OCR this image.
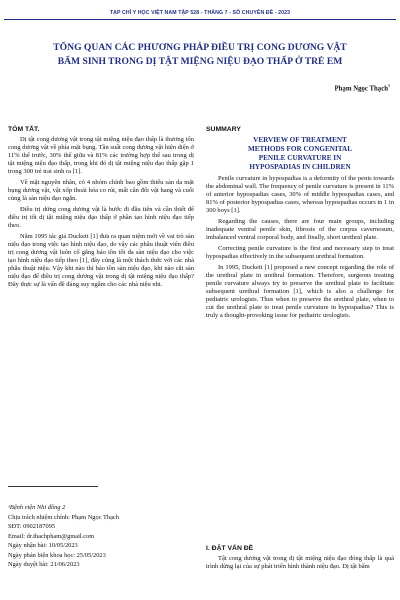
TẠP CHÍ Y HỌC VIỆT NAM TẬP 528 - THÁNG 7 - SỐ CHUYÊN ĐỀ - 2023
TỔNG QUAN CÁC PHƯƠNG PHÁP ĐIỀU TRỊ CONG DƯƠNG VẬT
BẨM SINH TRONG DỊ TẬT MIỆNG NIỆU ĐẠO THẤP Ở TRẺ EM
Phạm Ngọc Thạch$^1$
TÓM TẮT.

Dị tật cong dương vật trong tật miệng niệu đạo thấp là thương tổn cong dương vật về phía mặt bụng. Tần suất cong dương vật hiện diện ở 11% thể trước, 30% thể giữa và 81% các trường hợp thể sau trong dị tật miệng niệu đạo thấp, trong khi đó dị tật miệng niệu đạo thấp gặp 1 trong 300 trẻ trai sinh ra [1].

Về mặt nguyên nhân, có 4 nhóm chính bao gồm thiếu sản da mặt bụng dương vật, vật xốp thoái hóa co rút, mất cân đối vật hang và cuối cùng là sàn niệu đạo ngắn.

Điều trị dứng cong dương vật là bước đi đầu tiên và cần thiết để điều trị tốt dị tật miệng niệu đạo thấp ở phần tạo hình niệu đạo tiếp theo.

Năm 1995 tác giả Duckett [1] đưa ra quan niệm mới về vai trò sàn niệu đạo trong việc tạo hình niệu đạo, do vậy các phẫu thuật viên điều trị cong dương vật luôn cố gắng bảo tồn tối đa sàn niệu đạo cho việc tạo hình niệu đạo tiếp theo [1], đây cũng là một thách thức với các nhà phẫu thuật niệu. Vậy khi nào thì bảo tồn sàn niệu đạo, khi nào cắt sàn niệu đạo để điều trị cong dương vật trong dị tật miệng niệu đạo thấp? Đây thực sự là vấn đề đáng suy ngẫm cho các nhà niệu nhi.

¹Bệnh viện Nhi đồng 2
Chịu trách nhiệm chính: Phạm Ngọc Thạch
SĐT: 0902187095
Email: dr.thachpham@gmail.com
Ngày nhận bài: 10/05/2023
Ngày phản biện khoa học: 25/05/2023
Ngày duyệt bài: 21/06/2023
SUMMARY
VERVIEW OF TREATMENT
METHODS FOR CONGENITAL
PENILE CURVATURE IN
HYPOSPADIAS IN CHILDREN

Penile curvature in hypospadias is a deformity of the penis towards the abdominal wall. The frequency of penile curvature is present in 11% of anterior hypospadias cases, 30% of middle hypospadias cases, and 81% of posterior hypospadias cases, whereas hypospadias occurs in 1 in 300 boys [1].

Regarding the causes, there are four main groups, including inadequate ventral penile skin, fibrosis of the corpus cavernosum, imbalanced ventral corporal body, and finally, short urethral plate.

Correcting penile curvature is the first and necessary step to treat hypospadias effectively in the subsequent urethral formation.

In 1995, Duckett [1] proposed a new concept regarding the role of the urethral plate in urethral formation. Therefore, surgeons treating penile curvature always try to preserve the urethral plate to facilitate subsequent urethral formation [1], which is also a challenge for pediatric urologists. Thus when to preserve the urethral plate, when to cut the urethral plate to treat penile curvature in hypospadias? This is truly a thought-provoking issue for pediatric urologists.

I. ĐẶT VẤN ĐỀ

Tật cong dương vật trong dị tật miệng niệu đạo đóng thấp là quá trình dừng lại của sự phát triển hình thành niệu đạo. Dị tật bẩm
